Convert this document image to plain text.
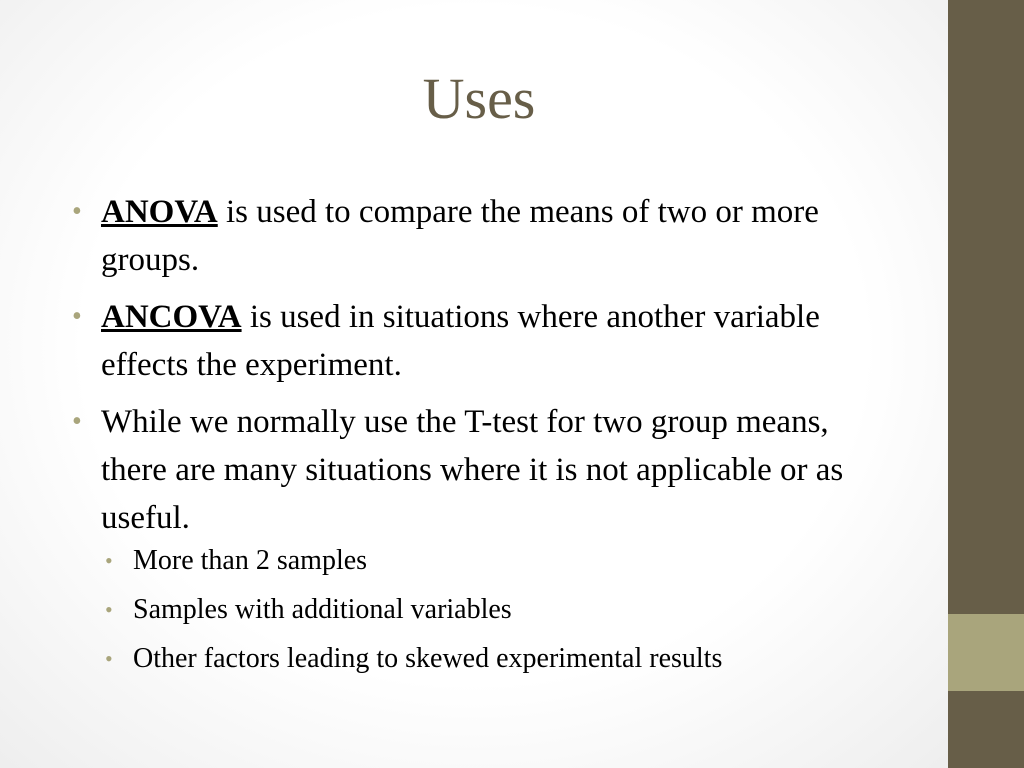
Uses
• ANOVA is used to compare the means of two or more groups.
• ANCOVA is used in situations where another variable effects the experiment.
• While we normally use the T-test for two group means, there are many situations where it is not applicable or as useful.
• More than 2 samples
• Samples with additional variables
• Other factors leading to skewed experimental results
